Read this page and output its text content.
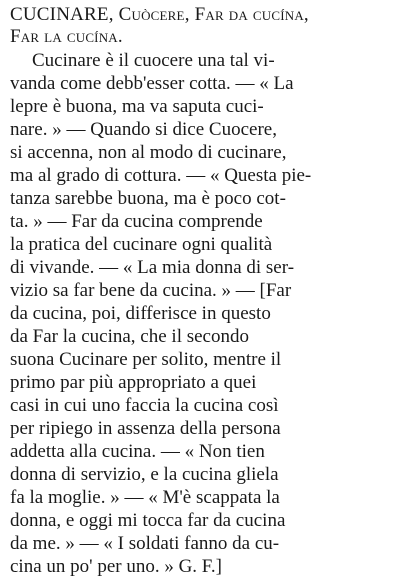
CUCINARE, Cuòcere, Far da cucína,
Far la cucína.
Cucinare è il cuocere una tal vi-
vanda come debb'esser cotta. — « La
lepre è buona, ma va saputa cuci-
nare. » — Quando si dice Cuocere,
si accenna, non al modo di cucinare,
ma al grado di cottura. — « Questa pie-
tanza sarebbe buona, ma è poco cot-
ta. » — Far da cucina comprende
la pratica del cucinare ogni qualità
di vivande. — « La mia donna di ser-
vizio sa far bene da cucina. » — [Far
da cucina, poi, differisce in questo
da Far la cucina, che il secondo
suona Cucinare per solito, mentre il
primo par più appropriato a quei
casi in cui uno faccia la cucina così
per ripiego in assenza della persona
addetta alla cucina. — « Non tien
donna di servizio, e la cucina gliela
fa la moglie. » — « M'è scappata la
donna, e oggi mi tocca far da cucina
da me. » — « I soldati fanno da cu-
cina un po' per uno. » G. F.]
